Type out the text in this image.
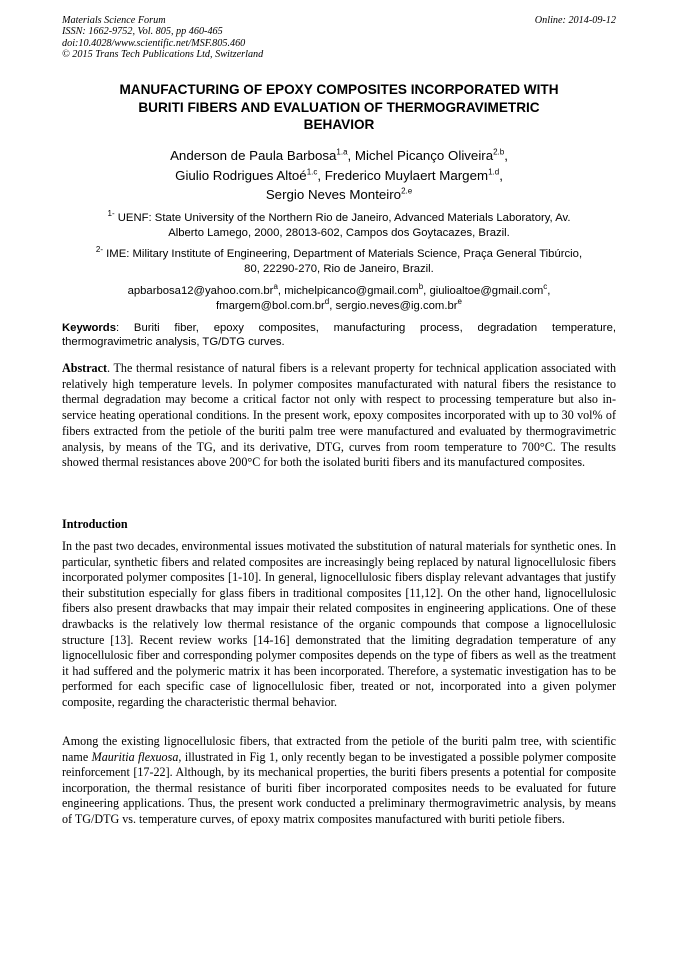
Materials Science Forum
ISSN: 1662-9752, Vol. 805, pp 460-465
doi:10.4028/www.scientific.net/MSF.805.460
© 2015 Trans Tech Publications Ltd, Switzerland
Online: 2014-09-12
MANUFACTURING OF EPOXY COMPOSITES INCORPORATED WITH
BURITI FIBERS AND EVALUATION OF THERMOGRAVIMETRIC
BEHAVIOR
Anderson de Paula Barbosa$^{1.a}$, Michel Picanço Oliveira$^{2.b}$,
Giulio Rodrigues Altoé$^{1.c}$, Frederico Muylaert Margem$^{1.d}$,
Sergio Neves Monteiro$^{2.e}$
$^{1-}$ UENF: State University of the Northern Rio de Janeiro, Advanced Materials Laboratory, Av.
Alberto Lamego, 2000, 28013-602, Campos dos Goytacazes, Brazil.
$^{2-}$ IME: Military Institute of Engineering, Department of Materials Science, Praça General Tibúrcio,
80, 22290-270, Rio de Janeiro, Brazil.
$apbarbosa12@yahoo.com.br^a$, michelpicanco@gmail.com$^b$, giulioaltoe@gmail.com$^c$,
$fmargem@bol.com.br^d$, $sergio.neves@ig.com.br^e$
Keywords: Buriti fiber, epoxy composites, manufacturing process, degradation temperature, thermogravimetric analysis, TG/DTG curves.
Abstract. The thermal resistance of natural fibers is a relevant property for technical application associated with relatively high temperature levels. In polymer composites manufacturated with natural fibers the resistance to thermal degradation may become a critical factor not only with respect to processing temperature but also in-service heating operational conditions. In the present work, epoxy composites incorporated with up to 30 vol% of fibers extracted from the petiole of the buriti palm tree were manufactured and evaluated by thermogravimetric analysis, by means of the TG, and its derivative, DTG, curves from room temperature to 700°C. The results showed thermal resistances above 200°C for both the isolated buriti fibers and its manufactured composites.
Introduction

In the past two decades, environmental issues motivated the substitution of natural materials for synthetic ones. In particular, synthetic fibers and related composites are increasingly being replaced by natural lignocellulosic fibers incorporated polymer composites [1-10]. In general, lignocellulosic fibers display relevant advantages that justify their substitution especially for glass fibers in traditional composites [11,12]. On the other hand, lignocellulosic fibers also present drawbacks that may impair their related composites in engineering applications. One of these drawbacks is the relatively low thermal resistance of the organic compounds that compose a lignocellulosic structure [13]. Recent review works [14-16] demonstrated that the limiting degradation temperature of any lignocellulosic fiber and corresponding polymer composites depends on the type of fibers as well as the treatment it had suffered and the polymeric matrix it has been incorporated. Therefore, a systematic investigation has to be performed for each specific case of lignocellulosic fiber, treated or not, incorporated into a given polymer composite, regarding the characteristic thermal behavior.

Among the existing lignocellulosic fibers, that extracted from the petiole of the buriti palm tree, with scientific name Mauritia flexuosa, illustrated in Fig 1, only recently began to be investigated a possible polymer composite reinforcement [17-22]. Although, by its mechanical properties, the buriti fibers presents a potential for composite incorporation, the thermal resistance of buriti fiber incorporated composites needs to be evaluated for future engineering applications. Thus, the present work conducted a preliminary thermogravimetric analysis, by means of TG/DTG vs. temperature curves, of epoxy matrix composites manufactured with buriti petiole fibers.
